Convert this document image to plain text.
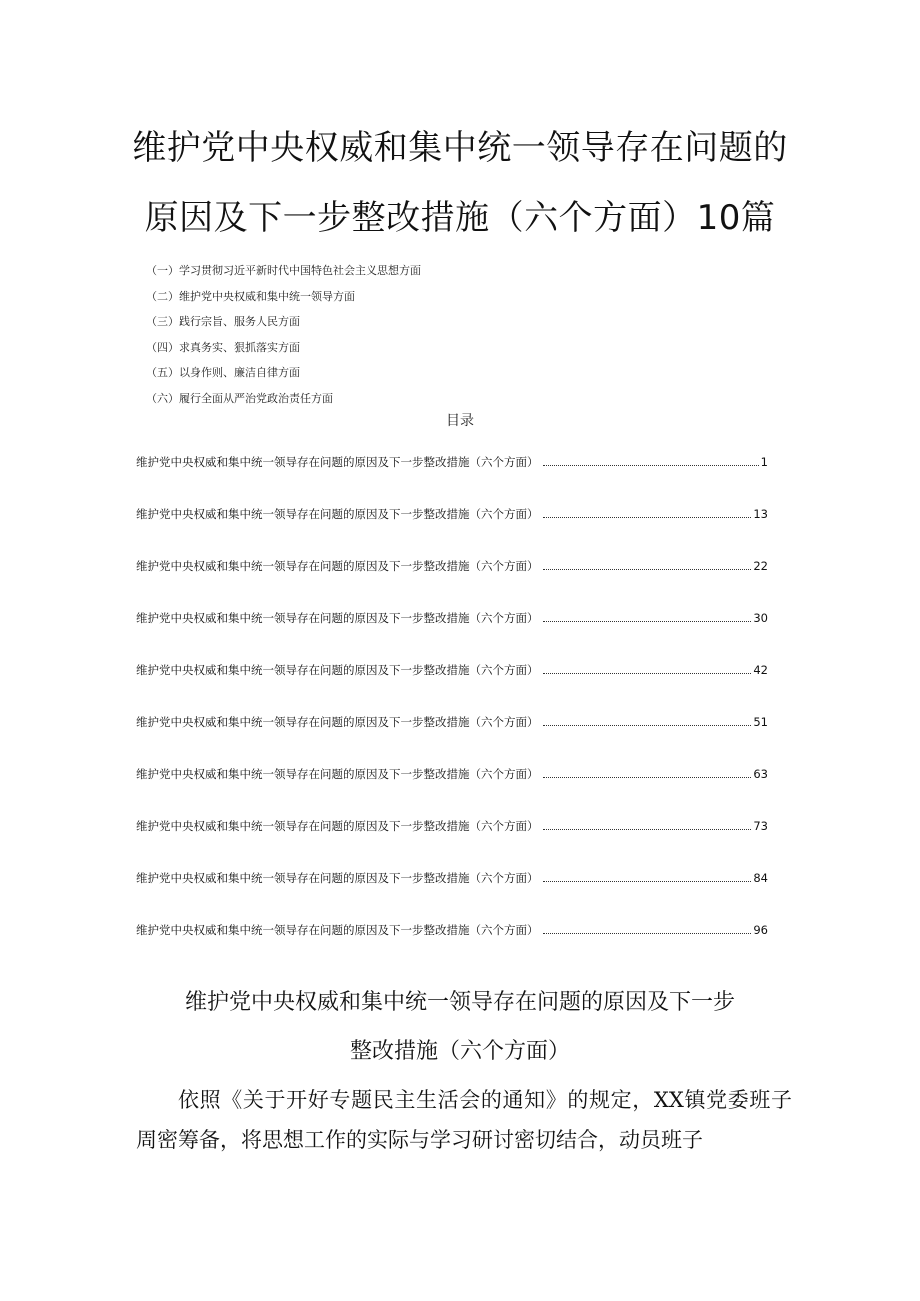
维护党中央权威和集中统一领导存在问题的
原因及下一步整改措施（六个方面）10篇
（一）学习贯彻习近平新时代中国特色社会主义思想方面
（二）维护党中央权威和集中统一领导方面
（三）践行宗旨、服务人民方面
（四）求真务实、狠抓落实方面
（五）以身作则、廉洁自律方面
（六）履行全面从严治党政治责任方面
目录
维护党中央权威和集中统一领导存在问题的原因及下一步整改措施（六个方面）	1
维护党中央权威和集中统一领导存在问题的原因及下一步整改措施（六个方面）	13
维护党中央权威和集中统一领导存在问题的原因及下一步整改措施（六个方面）	22
维护党中央权威和集中统一领导存在问题的原因及下一步整改措施（六个方面）	30
维护党中央权威和集中统一领导存在问题的原因及下一步整改措施（六个方面）	42
维护党中央权威和集中统一领导存在问题的原因及下一步整改措施（六个方面）	51
维护党中央权威和集中统一领导存在问题的原因及下一步整改措施（六个方面）	63
维护党中央权威和集中统一领导存在问题的原因及下一步整改措施（六个方面）	73
维护党中央权威和集中统一领导存在问题的原因及下一步整改措施（六个方面）	84
维护党中央权威和集中统一领导存在问题的原因及下一步整改措施（六个方面）	96
维护党中央权威和集中统一领导存在问题的原因及下一步
整改措施（六个方面）

依照《关于开好专题民主生活会的通知》的规定，XX镇党委班子周密筹备，将思想工作的实际与学习研讨密切结合，动员班子
